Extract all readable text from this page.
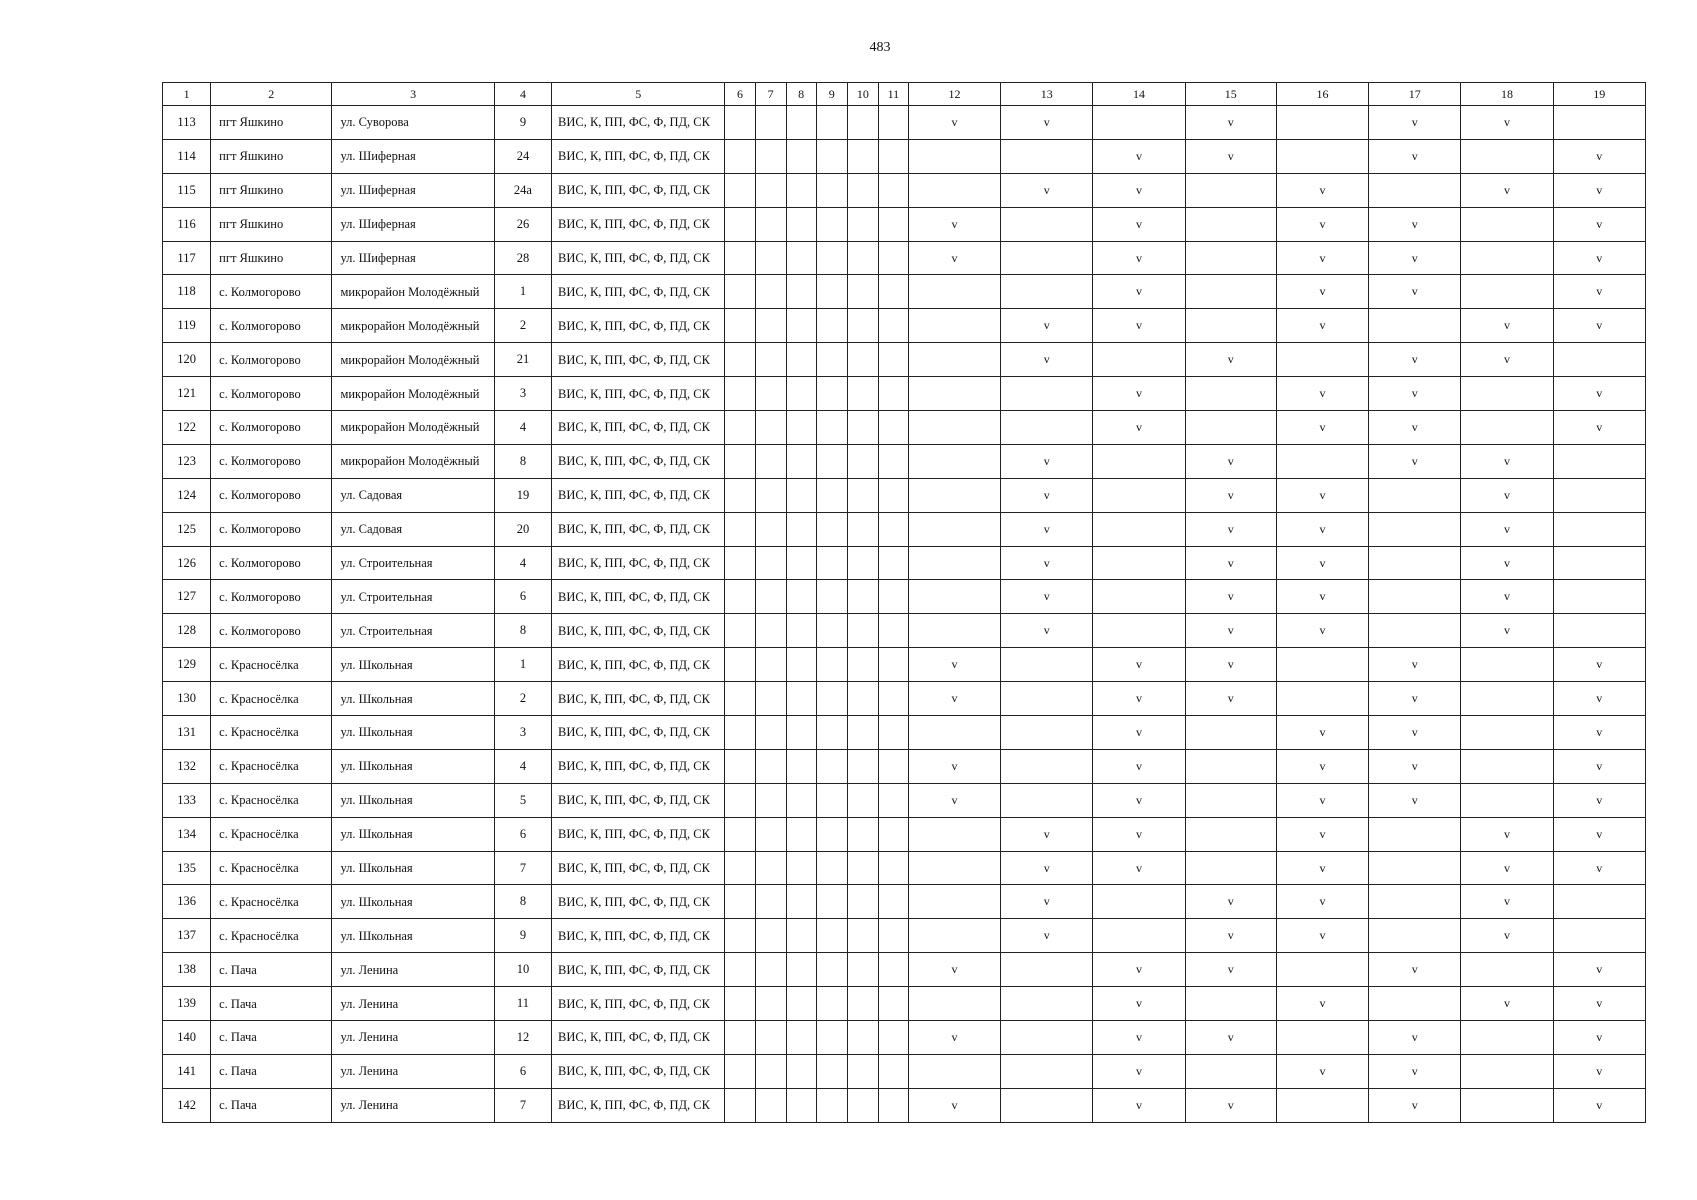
483
1	2	3	4	5	6	7	8	9	10	11	12	13	14	15	16	17	18	19
113	пгт Яшкино	ул. Суворова	9	ВИС, К, ПП, ФС, Ф, ПД, СК							v	v		v		v	v	
114	пгт Яшкино	ул. Шиферная	24	ВИС, К, ПП, ФС, Ф, ПД, СК									v	v		v		v
115	пгт Яшкино	ул. Шиферная	24а	ВИС, К, ПП, ФС, Ф, ПД, СК								v	v		v		v	v
116	пгт Яшкино	ул. Шиферная	26	ВИС, К, ПП, ФС, Ф, ПД, СК							v		v		v	v		v
117	пгт Яшкино	ул. Шиферная	28	ВИС, К, ПП, ФС, Ф, ПД, СК							v		v		v	v		v
118	с. Колмогорово	микрорайон Молодёжный	1	ВИС, К, ПП, ФС, Ф, ПД, СК									v		v	v		v
119	с. Колмогорово	микрорайон Молодёжный	2	ВИС, К, ПП, ФС, Ф, ПД, СК								v	v		v		v	v
120	с. Колмогорово	микрорайон Молодёжный	21	ВИС, К, ПП, ФС, Ф, ПД, СК								v		v		v	v	
121	с. Колмогорово	микрорайон Молодёжный	3	ВИС, К, ПП, ФС, Ф, ПД, СК									v		v	v		v
122	с. Колмогорово	микрорайон Молодёжный	4	ВИС, К, ПП, ФС, Ф, ПД, СК									v		v	v		v
123	с. Колмогорово	микрорайон Молодёжный	8	ВИС, К, ПП, ФС, Ф, ПД, СК								v		v		v	v	
124	с. Колмогорово	ул. Садовая	19	ВИС, К, ПП, ФС, Ф, ПД, СК								v		v	v		v	
125	с. Колмогорово	ул. Садовая	20	ВИС, К, ПП, ФС, Ф, ПД, СК								v		v	v		v	
126	с. Колмогорово	ул. Строительная	4	ВИС, К, ПП, ФС, Ф, ПД, СК								v		v	v		v	
127	с. Колмогорово	ул. Строительная	6	ВИС, К, ПП, ФС, Ф, ПД, СК								v		v	v		v	
128	с. Колмогорово	ул. Строительная	8	ВИС, К, ПП, ФС, Ф, ПД, СК								v		v	v		v	
129	с. Красносёлка	ул. Школьная	1	ВИС, К, ПП, ФС, Ф, ПД, СК							v		v	v		v		v
130	с. Красносёлка	ул. Школьная	2	ВИС, К, ПП, ФС, Ф, ПД, СК							v		v	v		v		v
131	с. Красносёлка	ул. Школьная	3	ВИС, К, ПП, ФС, Ф, ПД, СК									v		v	v		v
132	с. Красносёлка	ул. Школьная	4	ВИС, К, ПП, ФС, Ф, ПД, СК							v		v		v	v		v
133	с. Красносёлка	ул. Школьная	5	ВИС, К, ПП, ФС, Ф, ПД, СК							v		v		v	v		v
134	с. Красносёлка	ул. Школьная	6	ВИС, К, ПП, ФС, Ф, ПД, СК								v	v		v		v	v
135	с. Красносёлка	ул. Школьная	7	ВИС, К, ПП, ФС, Ф, ПД, СК								v	v		v		v	v
136	с. Красносёлка	ул. Школьная	8	ВИС, К, ПП, ФС, Ф, ПД, СК								v		v	v		v	
137	с. Красносёлка	ул. Школьная	9	ВИС, К, ПП, ФС, Ф, ПД, СК								v		v	v		v	
138	с. Пача	ул. Ленина	10	ВИС, К, ПП, ФС, Ф, ПД, СК							v		v	v		v		v
139	с. Пача	ул. Ленина	11	ВИС, К, ПП, ФС, Ф, ПД, СК									v		v		v	v
140	с. Пача	ул. Ленина	12	ВИС, К, ПП, ФС, Ф, ПД, СК							v		v	v		v		v
141	с. Пача	ул. Ленина	6	ВИС, К, ПП, ФС, Ф, ПД, СК									v		v	v		v
142	с. Пача	ул. Ленина	7	ВИС, К, ПП, ФС, Ф, ПД, СК							v		v	v		v		v
